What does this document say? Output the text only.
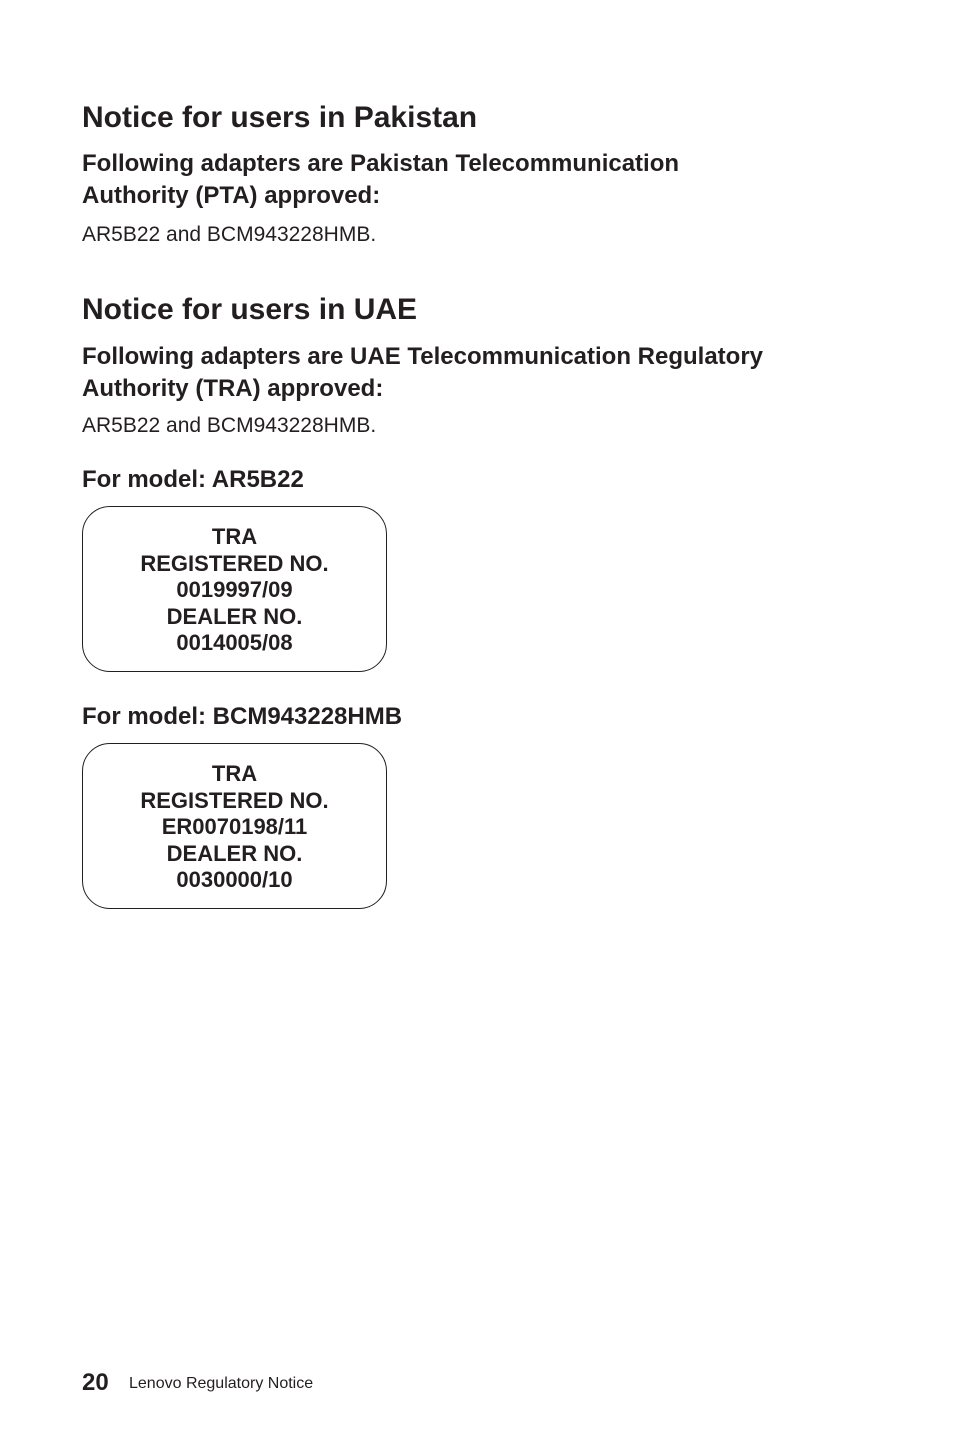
Notice for users in Pakistan
Following adapters are Pakistan Telecommunication
Authority (PTA) approved:
AR5B22 and BCM943228HMB.
Notice for users in UAE
Following adapters are UAE Telecommunication Regulatory
Authority (TRA) approved:
AR5B22 and BCM943228HMB.
For model: AR5B22
TRA
REGISTERED NO.
0019997/09
DEALER NO.
0014005/08
For model: BCM943228HMB
TRA
REGISTERED NO.
ER0070198/11
DEALER NO.
0030000/10
20 Lenovo Regulatory Notice
